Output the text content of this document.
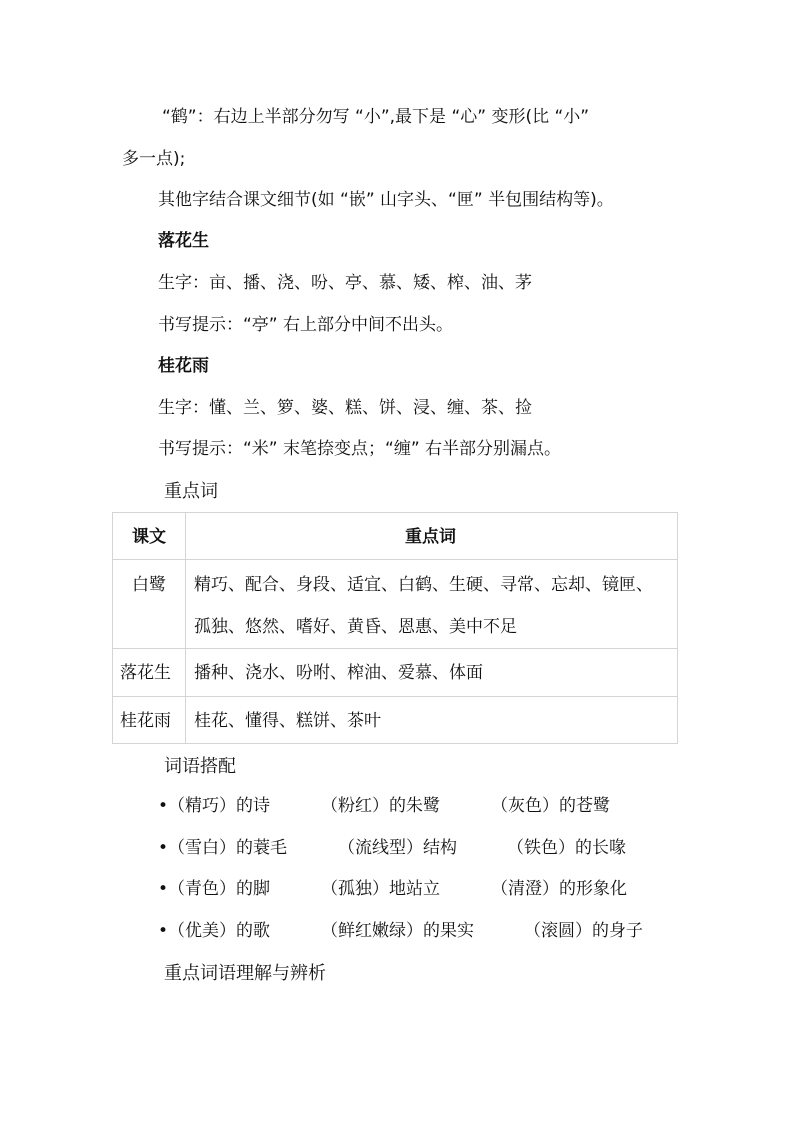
“鹤”：右边上半部分勿写 “小”,最下是 “心” 变形(比 “小”
多一点);
其他字结合课文细节(如 “嵌” 山字头、“匣” 半包围结构等)。
落花生
生字：亩、播、浇、吩、亭、慕、矮、榨、油、茅
书写提示：“亭” 右上部分中间不出头。
桂花雨
生字：懂、兰、箩、婆、糕、饼、浸、缠、茶、捡
书写提示：“米” 末笔捺变点；“缠” 右半部分别漏点。
重点词
课文	重点词
白鹭 精巧、配合、身段、适宜、白鹤、生硬、寻常、忘却、镜匣、
孤独、悠然、嗜好、黄昏、恩惠、美中不足
落花生 播种、浇水、吩咐、榨油、爱慕、体面
桂花雨 桂花、懂得、糕饼、茶叶
词语搭配
•（精巧）的诗	（粉红）的朱鹭	（灰色）的苍鹭
•（雪白）的蓑毛	（流线型）结构	（铁色）的长喙
•（青色）的脚	（孤独）地站立	（清澄）的形象化
•（优美）的歌	（鲜红嫩绿）的果实	（滚圆）的身子
重点词语理解与辨析
